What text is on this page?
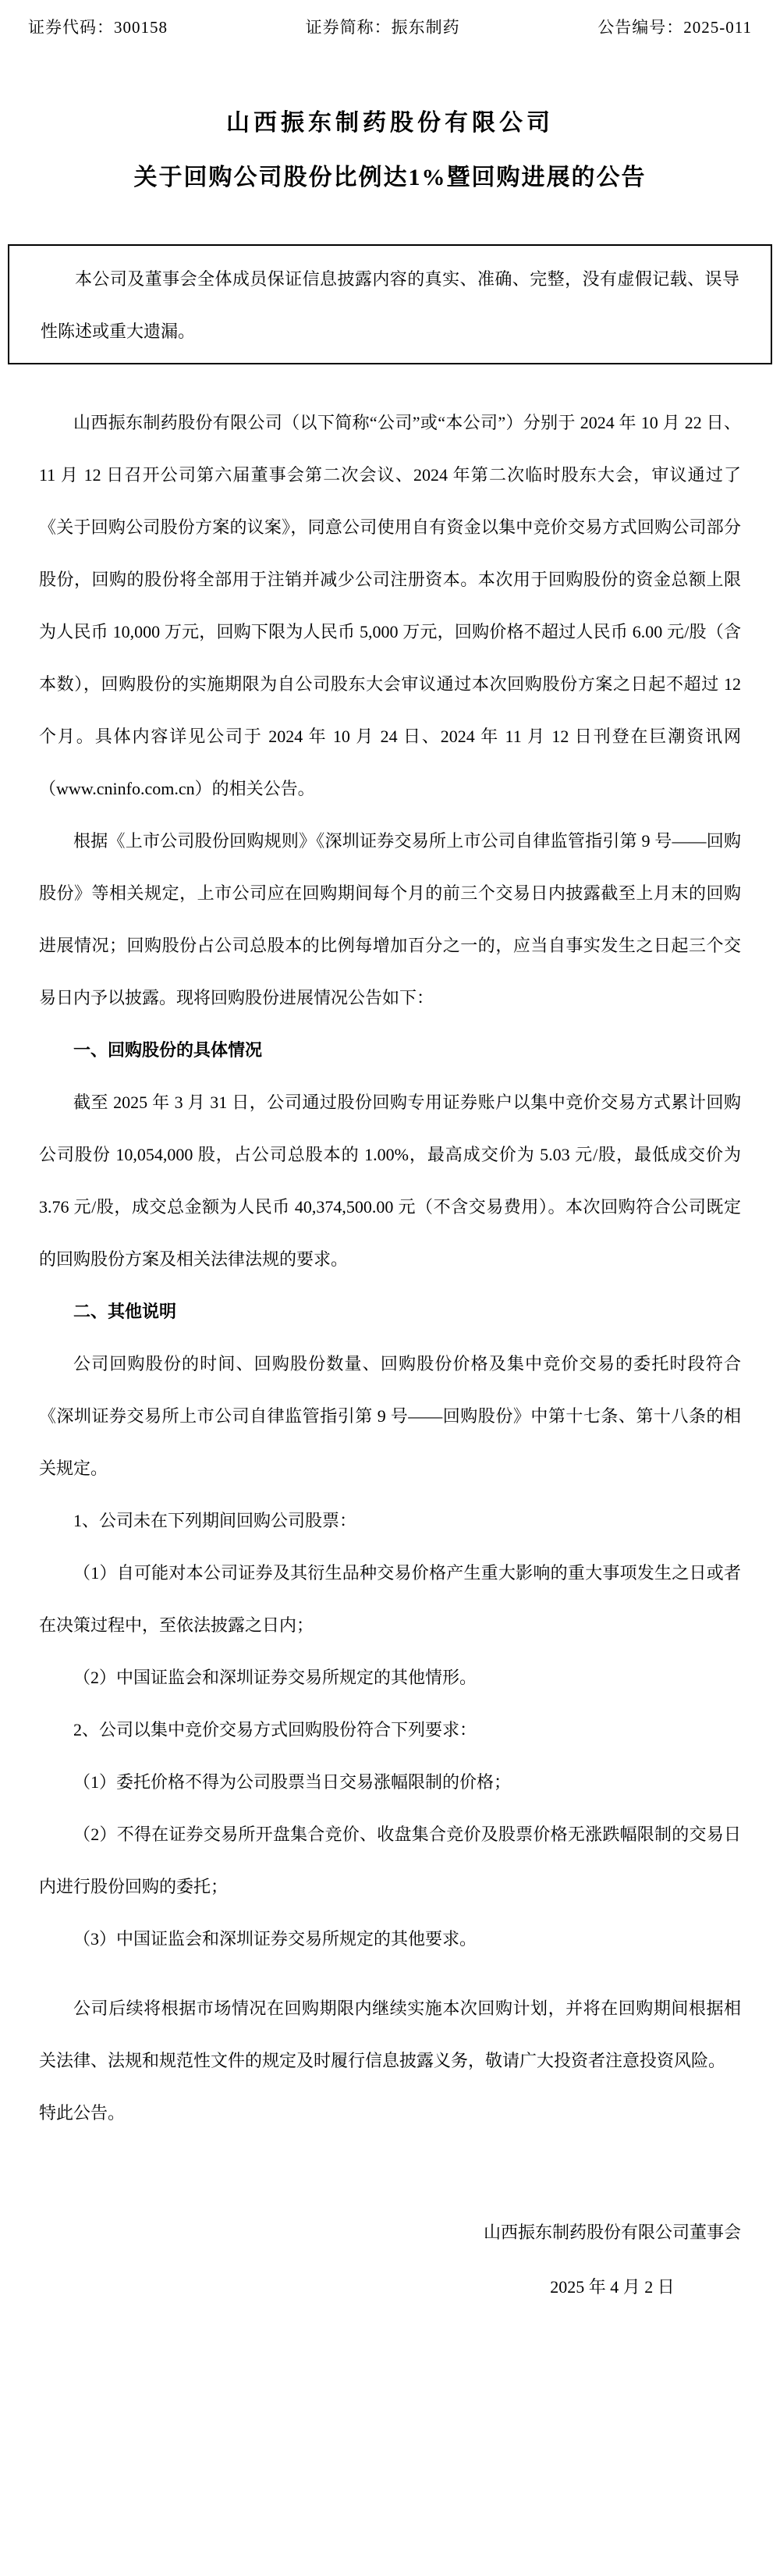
证券代码：300158	证券简称：振东制药	公告编号：2025-011
山西振东制药股份有限公司
关于回购公司股份比例达1%暨回购进展的公告

本公司及董事会全体成员保证信息披露内容的真实、准确、完整，没有虚假记载、误导性陈述或重大遗漏。

山西振东制药股份有限公司（以下简称“公司”或“本公司”）分别于 2024 年 10 月 22 日、11 月 12 日召开公司第六届董事会第二次会议、2024 年第二次临时股东大会，审议通过了《关于回购公司股份方案的议案》，同意公司使用自有资金以集中竞价交易方式回购公司部分股份，回购的股份将全部用于注销并减少公司注册资本。本次用于回购股份的资金总额上限为人民币 10,000 万元，回购下限为人民币 5,000 万元，回购价格不超过人民币 6.00 元/股（含本数），回购股份的实施期限为自公司股东大会审议通过本次回购股份方案之日起不超过 12 个月。具体内容详见公司于 2024 年 10 月 24 日、2024 年 11 月 12 日刊登在巨潮资讯网（www.cninfo.com.cn）的相关公告。

根据《上市公司股份回购规则》《深圳证券交易所上市公司自律监管指引第 9 号——回购股份》等相关规定，上市公司应在回购期间每个月的前三个交易日内披露截至上月末的回购进展情况；回购股份占公司总股本的比例每增加百分之一的，应当自事实发生之日起三个交易日内予以披露。现将回购股份进展情况公告如下：

一、回购股份的具体情况

截至 2025 年 3 月 31 日，公司通过股份回购专用证券账户以集中竞价交易方式累计回购公司股份 10,054,000 股，占公司总股本的 1.00%，最高成交价为 5.03 元/股，最低成交价为 3.76 元/股，成交总金额为人民币 40,374,500.00 元（不含交易费用）。本次回购符合公司既定的回购股份方案及相关法律法规的要求。

二、其他说明

公司回购股份的时间、回购股份数量、回购股份价格及集中竞价交易的委托时段符合《深圳证券交易所上市公司自律监管指引第 9 号——回购股份》中第十七条、第十八条的相关规定。

1、公司未在下列期间回购公司股票：

（1）自可能对本公司证券及其衍生品种交易价格产生重大影响的重大事项发生之日或者在决策过程中，至依法披露之日内；

（2）中国证监会和深圳证券交易所规定的其他情形。

2、公司以集中竞价交易方式回购股份符合下列要求：

（1）委托价格不得为公司股票当日交易涨幅限制的价格；

（2）不得在证券交易所开盘集合竞价、收盘集合竞价及股票价格无涨跌幅限制的交易日内进行股份回购的委托；

（3）中国证监会和深圳证券交易所规定的其他要求。

公司后续将根据市场情况在回购期限内继续实施本次回购计划，并将在回购期间根据相关法律、法规和规范性文件的规定及时履行信息披露义务，敬请广大投资者注意投资风险。

特此公告。

山西振东制药股份有限公司董事会

2025 年 4 月 2 日
